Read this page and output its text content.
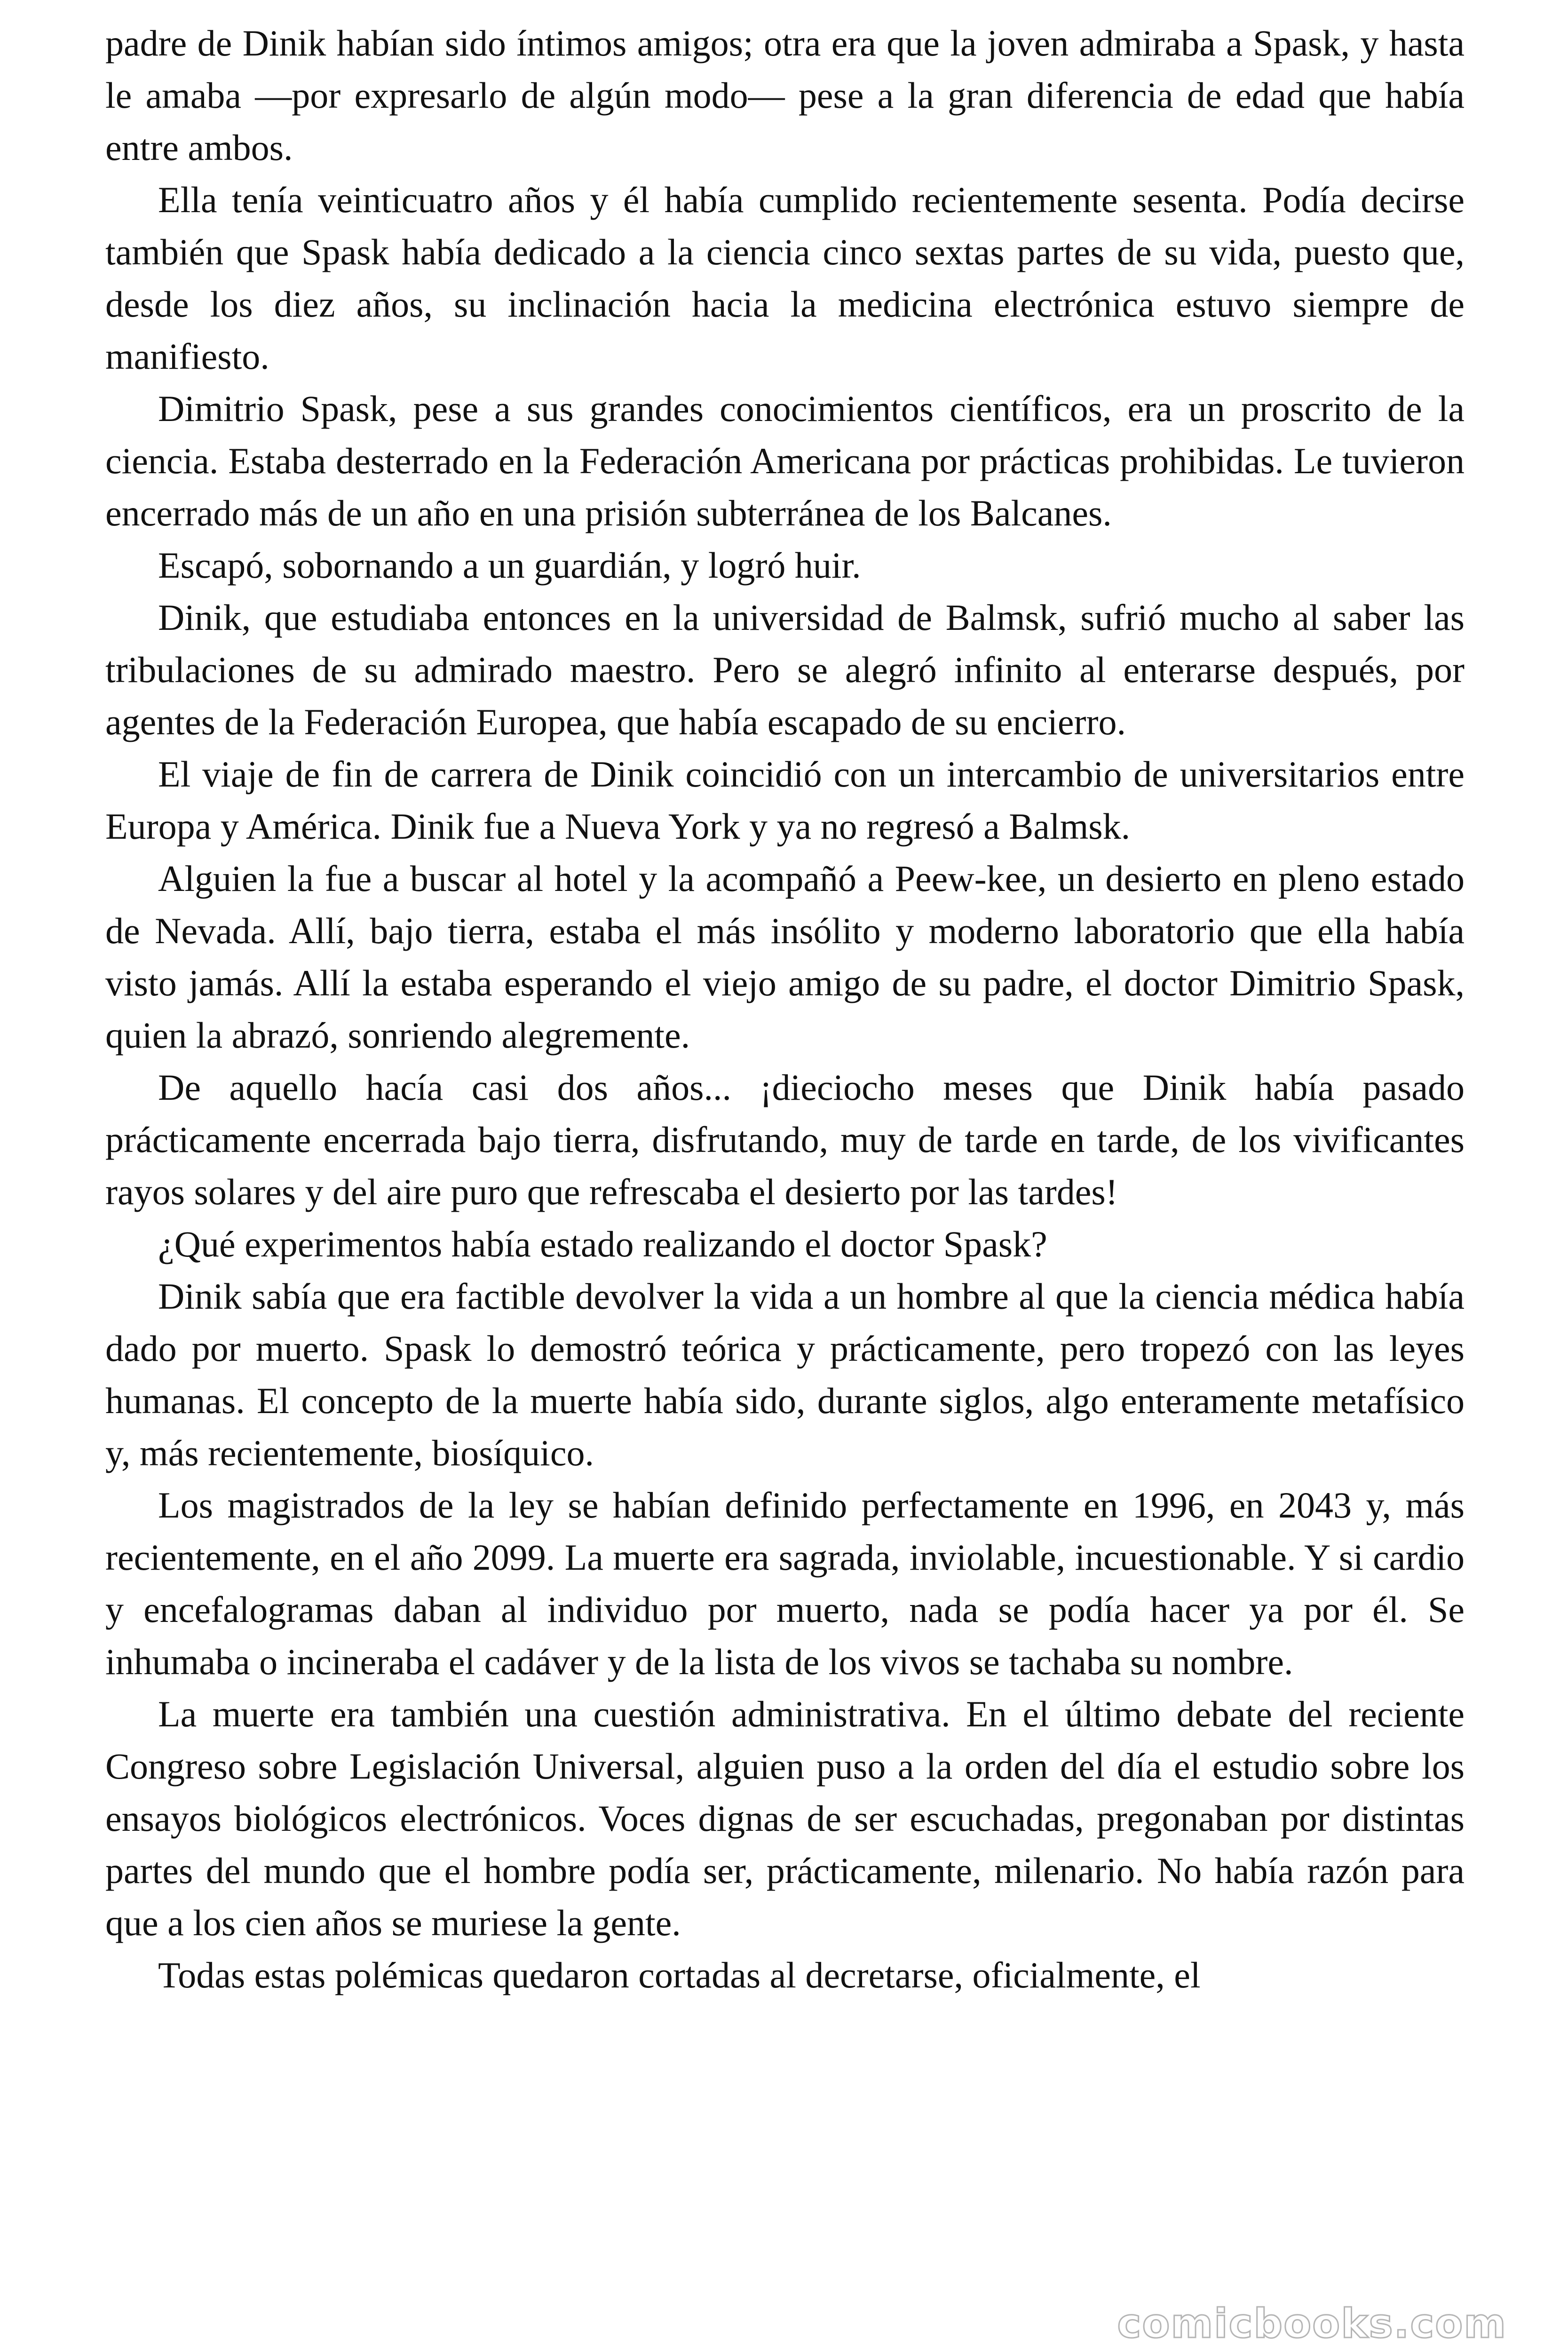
padre de Dinik habían sido íntimos amigos; otra era que la joven admiraba a Spask, y hasta le amaba —por expresarlo de algún modo— pese a la gran diferencia de edad que había entre ambos.

Ella tenía veinticuatro años y él había cumplido recientemente sesenta. Podía decirse también que Spask había dedicado a la ciencia cinco sextas partes de su vida, puesto que, desde los diez años, su inclinación hacia la medicina electrónica estuvo siempre de manifiesto.

Dimitrio Spask, pese a sus grandes conocimientos científicos, era un proscrito de la ciencia. Estaba desterrado en la Federación Americana por prácticas prohibidas. Le tuvieron encerrado más de un año en una prisión subterránea de los Balcanes.

Escapó, sobornando a un guardián, y logró huir.

Dinik, que estudiaba entonces en la universidad de Balmsk, sufrió mucho al saber las tribulaciones de su admirado maestro. Pero se alegró infinito al enterarse después, por agentes de la Federación Europea, que había escapado de su encierro.

El viaje de fin de carrera de Dinik coincidió con un intercambio de universitarios entre Europa y América. Dinik fue a Nueva York y ya no regresó a Balmsk.

Alguien la fue a buscar al hotel y la acompañó a Peew-kee, un desierto en pleno estado de Nevada. Allí, bajo tierra, estaba el más insólito y moderno laboratorio que ella había visto jamás. Allí la estaba esperando el viejo amigo de su padre, el doctor Dimitrio Spask, quien la abrazó, sonriendo alegremente.

De aquello hacía casi dos años... ¡dieciocho meses que Dinik había pasado prácticamente encerrada bajo tierra, disfrutando, muy de tarde en tarde, de los vivificantes rayos solares y del aire puro que refrescaba el desierto por las tardes!

¿Qué experimentos había estado realizando el doctor Spask?

Dinik sabía que era factible devolver la vida a un hombre al que la ciencia médica había dado por muerto. Spask lo demostró teórica y prácticamente, pero tropezó con las leyes humanas. El concepto de la muerte había sido, durante siglos, algo enteramente metafísico y, más recientemente, biosíquico.

Los magistrados de la ley se habían definido perfectamente en 1996, en 2043 y, más recientemente, en el año 2099. La muerte era sagrada, inviolable, incuestionable. Y si cardio y encefalogramas daban al individuo por muerto, nada se podía hacer ya por él. Se inhumaba o incineraba el cadáver y de la lista de los vivos se tachaba su nombre.

La muerte era también una cuestión administrativa. En el último debate del reciente Congreso sobre Legislación Universal, alguien puso a la orden del día el estudio sobre los ensayos biológicos electrónicos. Voces dignas de ser escuchadas, pregonaban por distintas partes del mundo que el hombre podía ser, prácticamente, milenario. No había razón para que a los cien años se muriese la gente.

Todas estas polémicas quedaron cortadas al decretarse, oficialmente, el

comicbooks.com
